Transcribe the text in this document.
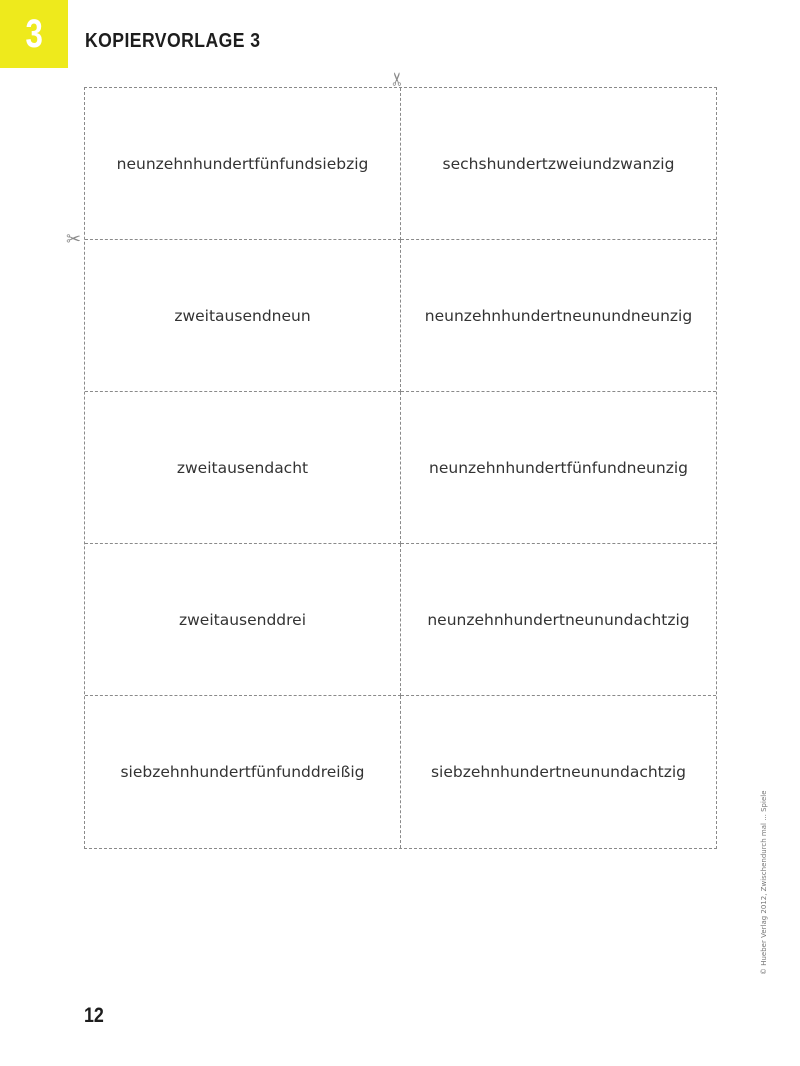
3 KOPIERVORLAGE 3
✂
✂
neunzehnhundertfünfundsiebzig	sechshundertzweiundzwanzig
zweitausendneun	neunzehnhundertneunundneunzig
zweitausendacht	neunzehnhundertfünfundneunzig
zweitausenddrei	neunzehnhundertneunundachtzig
siebzehnhundertfünfunddreißig	siebzehnhundertneunundachtzig
12
© Hueber Verlag 2012, Zwischendurch mal ... Spiele
